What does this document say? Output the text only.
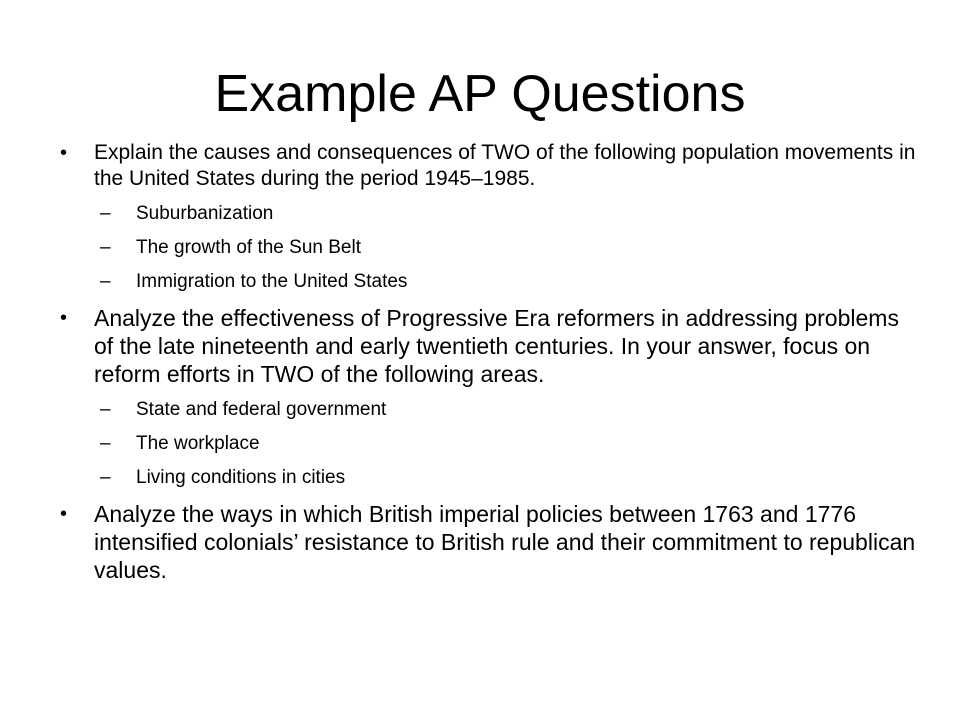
Example AP Questions
•	Explain the causes and consequences of TWO of the following population movements in the United States during the period 1945–1985.
–	Suburbanization
–	The growth of the Sun Belt
–	Immigration to the United States
•	Analyze the effectiveness of Progressive Era reformers in addressing problems of the late nineteenth and early twentieth centuries. In your answer, focus on reform efforts in TWO of the following areas.
–	State and federal government
–	The workplace
–	Living conditions in cities
•	Analyze the ways in which British imperial policies between 1763 and 1776 intensified colonials’ resistance to British rule and their commitment to republican values.
